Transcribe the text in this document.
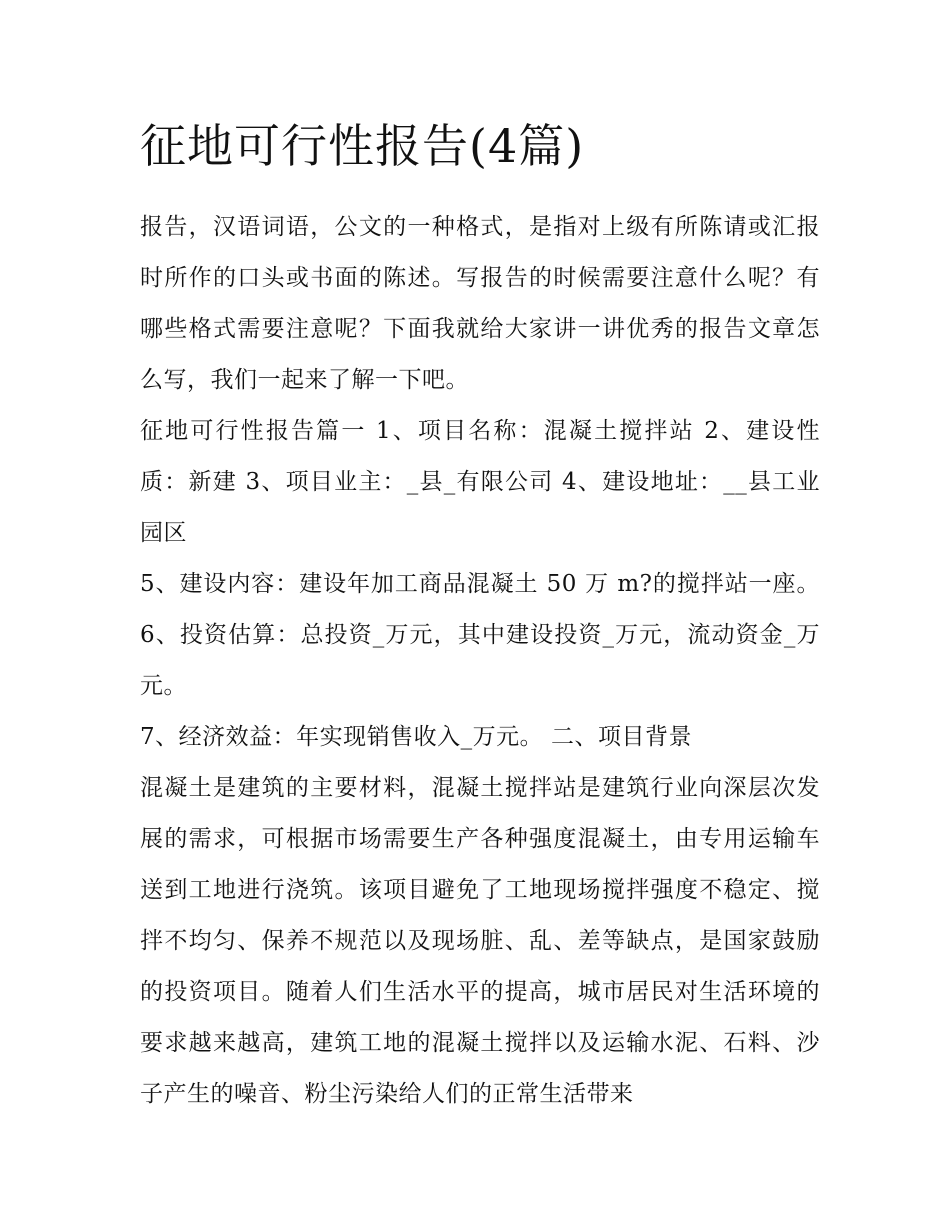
征地可行性报告(4篇)

报告，汉语词语，公文的一种格式，是指对上级有所陈请或汇报时所作的口头或书面的陈述。写报告的时候需要注意什么呢？有哪些格式需要注意呢？下面我就给大家讲一讲优秀的报告文章怎么写，我们一起来了解一下吧。

征地可行性报告篇一 1、项目名称：混凝土搅拌站 2、建设性质：新建 3、项目业主：_县_有限公司 4、建设地址：__县工业园区

5、建设内容：建设年加工商品混凝土 50 万 m?的搅拌站一座。 6、投资估算：总投资_万元，其中建设投资_万元，流动资金_万元。

7、经济效益：年实现销售收入_万元。 二、项目背景

混凝土是建筑的主要材料，混凝土搅拌站是建筑行业向深层次发展的需求，可根据市场需要生产各种强度混凝土，由专用运输车送到工地进行浇筑。该项目避免了工地现场搅拌强度不稳定、搅拌不均匀、保养不规范以及现场脏、乱、差等缺点，是国家鼓励的投资项目。随着人们生活水平的提高，城市居民对生活环境的要求越来越高，建筑工地的混凝土搅拌以及运输水泥、石料、沙子产生的噪音、粉尘污染给人们的正常生活带来
